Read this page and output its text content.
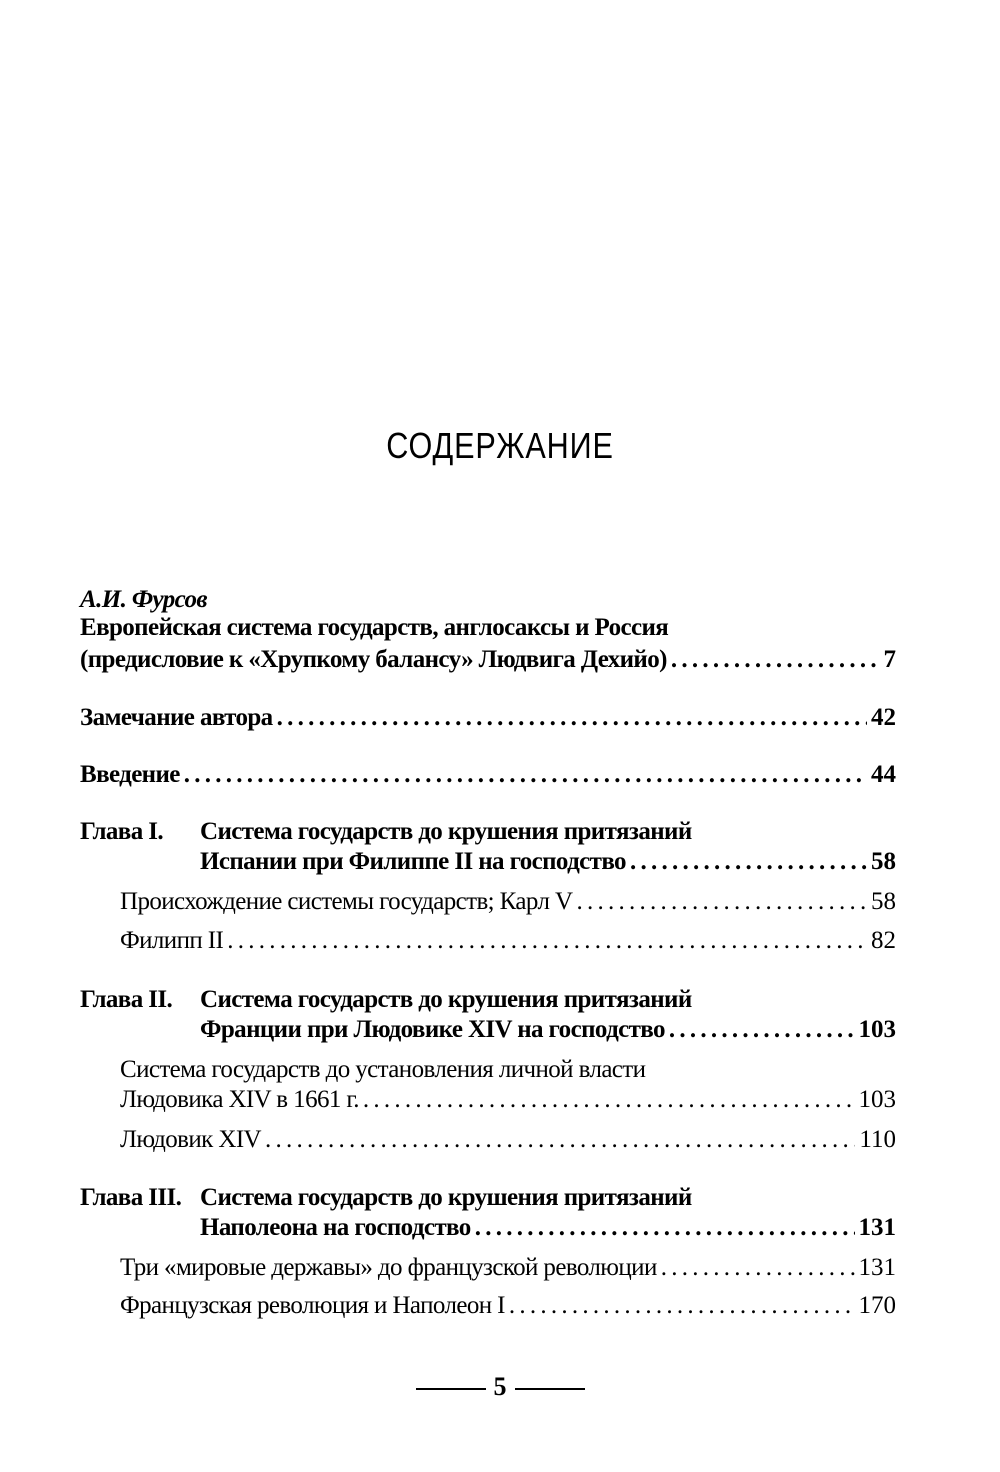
СОДЕРЖАНИЕ
А.И. Фурсов
Европейская система государств, англосаксы и Россия
(предисловие к «Хрупкому балансу» Людвига Дехийо) . . .	7
Замечание автора . . .	42
Введение . . .	44
Глава I. Система государств до крушения притязаний
Испании при Филиппе II на господство . . .	58
Происхождение системы государств; Карл V . . .	58
Филипп II . . .	82
Глава II. Система государств до крушения притязаний
Франции при Людовике XIV на господство . . .	103
Система государств до установления личной власти
Людовика XIV в 1661 г. . . .	103
Людовик XIV . . .	110
Глава III. Система государств до крушения притязаний
Наполеона на господство . . .	131
Три «мировые державы» до французской революции . . .	131
Французская революция и Наполеон I . . .	170
5
